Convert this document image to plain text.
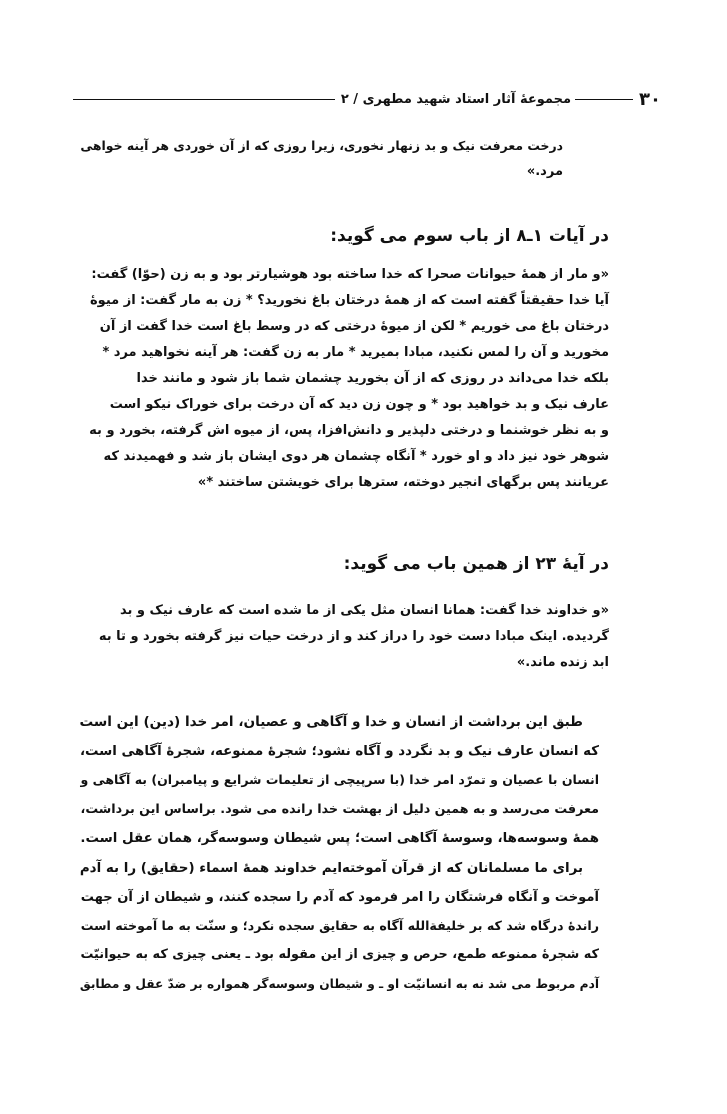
۳۰
مجموعهٔ آثار استاد شهید مطهری / ۲
درخت معرفت نیک و بد زنهار نخوری، زیرا روزی که از آن خوردی هر آینه خواهی
مرد.»
در آیات ۱ـ۸ از باب سوم می گوید:
«و مار از همهٔ حیوانات صحرا که خدا ساخته بود هوشیارتر بود و به زن (حوّا) گفت:
آیا خدا حقیقتاً گفته است که از همهٔ درختان باغ نخورید؟ * زن به مار گفت: از میوهٔ
درختان باغ می خوریم * لکن از میوهٔ درختی که در وسط باغ است خدا گفت از آن
مخورید و آن را لمس نکنید، مبادا بمیرید * مار به زن گفت: هر آینه نخواهید مرد *
بلکه خدا می‌داند در روزی که از آن بخورید چشمان شما باز شود و مانند خدا
عارف نیک و بد خواهید بود * و چون زن دید که آن درخت برای خوراک نیکو است
و به نظر خوشنما و درختی دلپذیر و دانش‌افزا، پس، از میوه اش گرفته، بخورد و به
شوهر خود نیز داد و او خورد * آنگاه چشمان هر دوی ایشان باز شد و فهمیدند که
عریانند پس برگهای انجیر دوخته، سترها برای خویشتن ساختند *»
در آیهٔ ۲۳ از همین باب می گوید:
«و خداوند خدا گفت: همانا انسان مثل یکی از ما شده است که عارف نیک و بد
گردیده. اینک مبادا دست خود را دراز کند و از درخت حیات نیز گرفته بخورد و تا به
ابد زنده ماند.»
طبق این برداشت از انسان و خدا و آگاهی و عصیان، امر خدا (دین) این است
که انسان عارف نیک و بد نگردد و آگاه نشود؛ شجرهٔ ممنوعه، شجرهٔ آگاهی است،
انسان با عصیان و تمرّد امر خدا (با سرپیچی از تعلیمات شرایع و پیامبران) به آگاهی و
معرفت می‌رسد و به همین دلیل از بهشت خدا رانده می شود. براساس این برداشت،
همهٔ وسوسه‌ها، وسوسهٔ آگاهی است؛ پس شیطان وسوسه‌گر، همان عقل است.
برای ما مسلمانان که از قرآن آموخته‌ایم خداوند همهٔ اسماء (حقایق) را به آدم
آموخت و آنگاه فرشتگان را امر فرمود که آدم را سجده کنند، و شیطان از آن جهت
راندهٔ درگاه شد که بر خلیفة‌الله آگاه به حقایق سجده نکرد؛ و سنّت به ما آموخته است
که شجرهٔ ممنوعه طمع، حرص و چیزی از این مقوله بود ـ یعنی چیزی که به حیوانیّت
آدم مربوط می شد نه به انسانیّت او ـ و شیطان وسوسه‌گر همواره بر ضدّ عقل و مطابق
